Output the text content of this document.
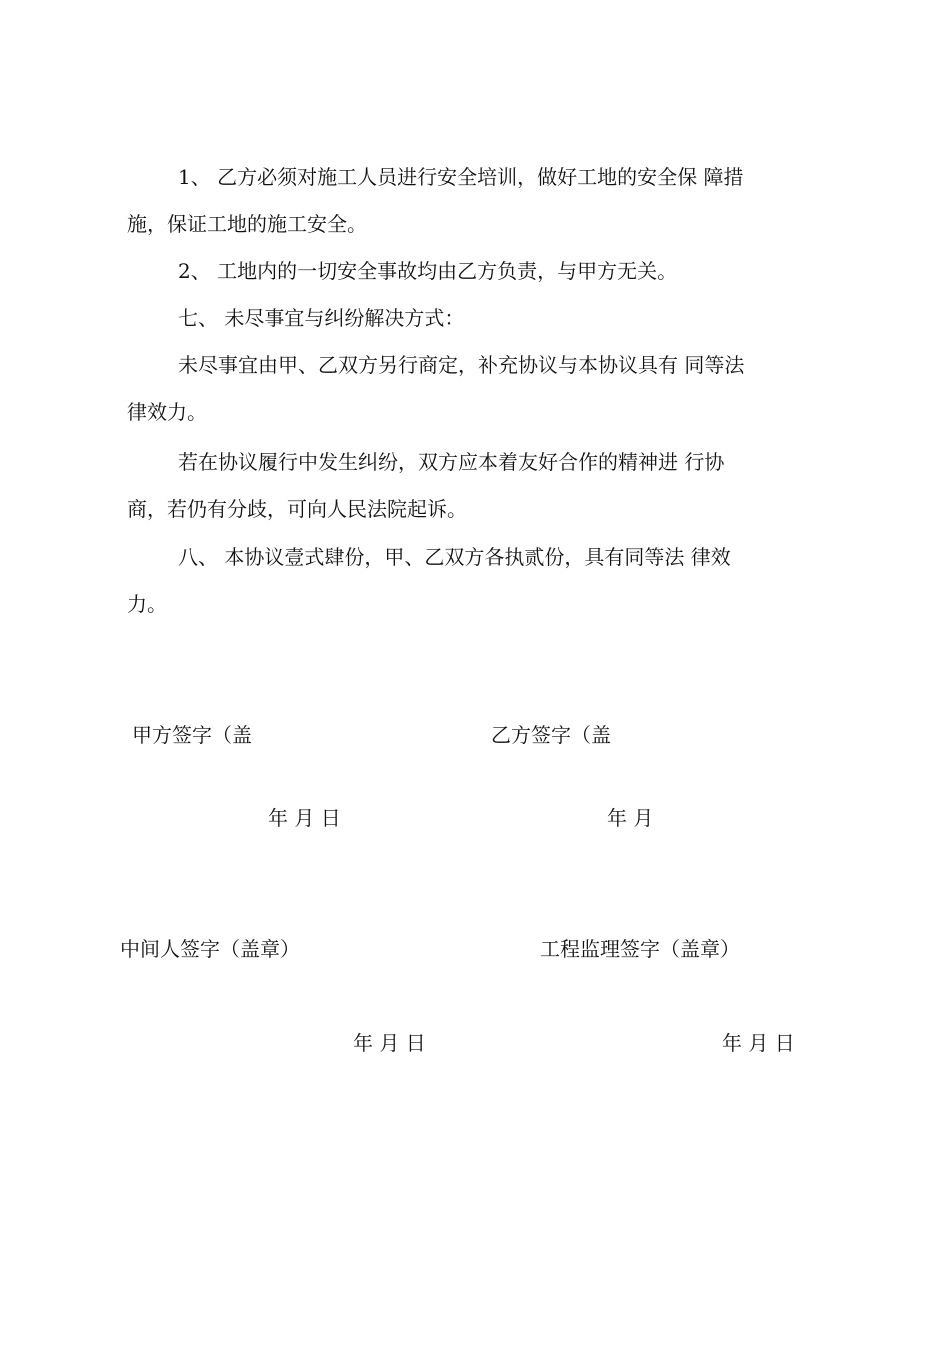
1、 乙方必须对施工人员进行安全培训，做好工地的安全保 障措
施，保证工地的施工安全。
2、 工地内的一切安全事故均由乙方负责，与甲方无关。
七、 未尽事宜与纠纷解决方式：
未尽事宜由甲、乙双方另行商定，补充协议与本协议具有 同等法
律效力。
若在协议履行中发生纠纷，双方应本着友好合作的精神进 行协
商，若仍有分歧，可向人民法院起诉。
八、 本协议壹式肆份，甲、乙双方各执贰份，具有同等法 律效
力。
甲方签字（盖	乙方签字（盖
年 月 日	年 月
中间人签字（盖章）	工程监理签字（盖章）
年 月 日	年 月 日
